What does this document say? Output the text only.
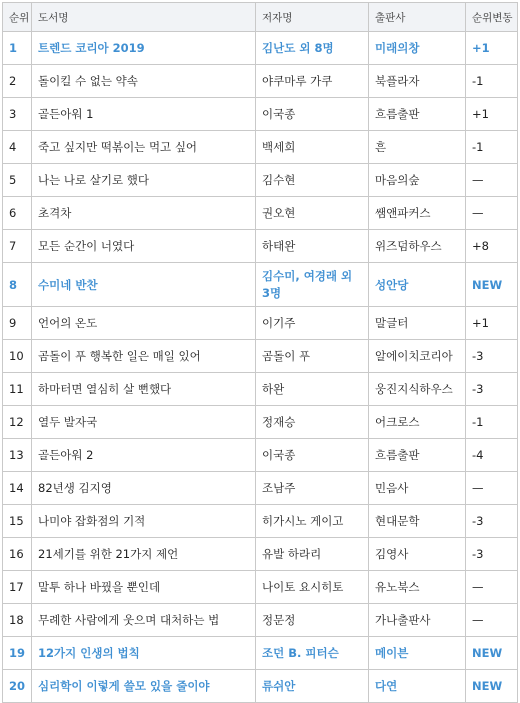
순위	도서명	저자명	출판사	순위변동
1	트렌드 코리아 2019	김난도 외 8명	미래의창	+1
2	돌이킬 수 없는 약속	야쿠마루 가쿠	북플라자	-1
3	골든아워 1	이국종	흐름출판	+1
4	죽고 싶지만 떡볶이는 먹고 싶어	백세희	흔	-1
5	나는 나로 살기로 했다	김수현	마음의숲	—
6	초격차	권오현	쌤앤파커스	—
7	모든 순간이 너였다	하태완	위즈덤하우스	+8
8	수미네 반찬	김수미, 여경래 외 3명	성안당	NEW
9	언어의 온도	이기주	말글터	+1
10	곰돌이 푸 행복한 일은 매일 있어	곰돌이 푸	알에이치코리아	-3
11	하마터면 열심히 살 뻔했다	하완	웅진지식하우스	-3
12	열두 발자국	정재승	어크로스	-1
13	골든아워 2	이국종	흐름출판	-4
14	82년생 김지영	조남주	민음사	—
15	나미야 잡화점의 기적	히가시노 게이고	현대문학	-3
16	21세기를 위한 21가지 제언	유발 하라리	김영사	-3
17	말투 하나 바꿨을 뿐인데	나이토 요시히토	유노북스	—
18	무례한 사람에게 웃으며 대처하는 법	정문정	가나출판사	—
19	12가지 인생의 법칙	조던 B. 피터슨	메이븐	NEW
20	심리학이 이렇게 쓸모 있을 줄이야	류쉬안	다연	NEW
